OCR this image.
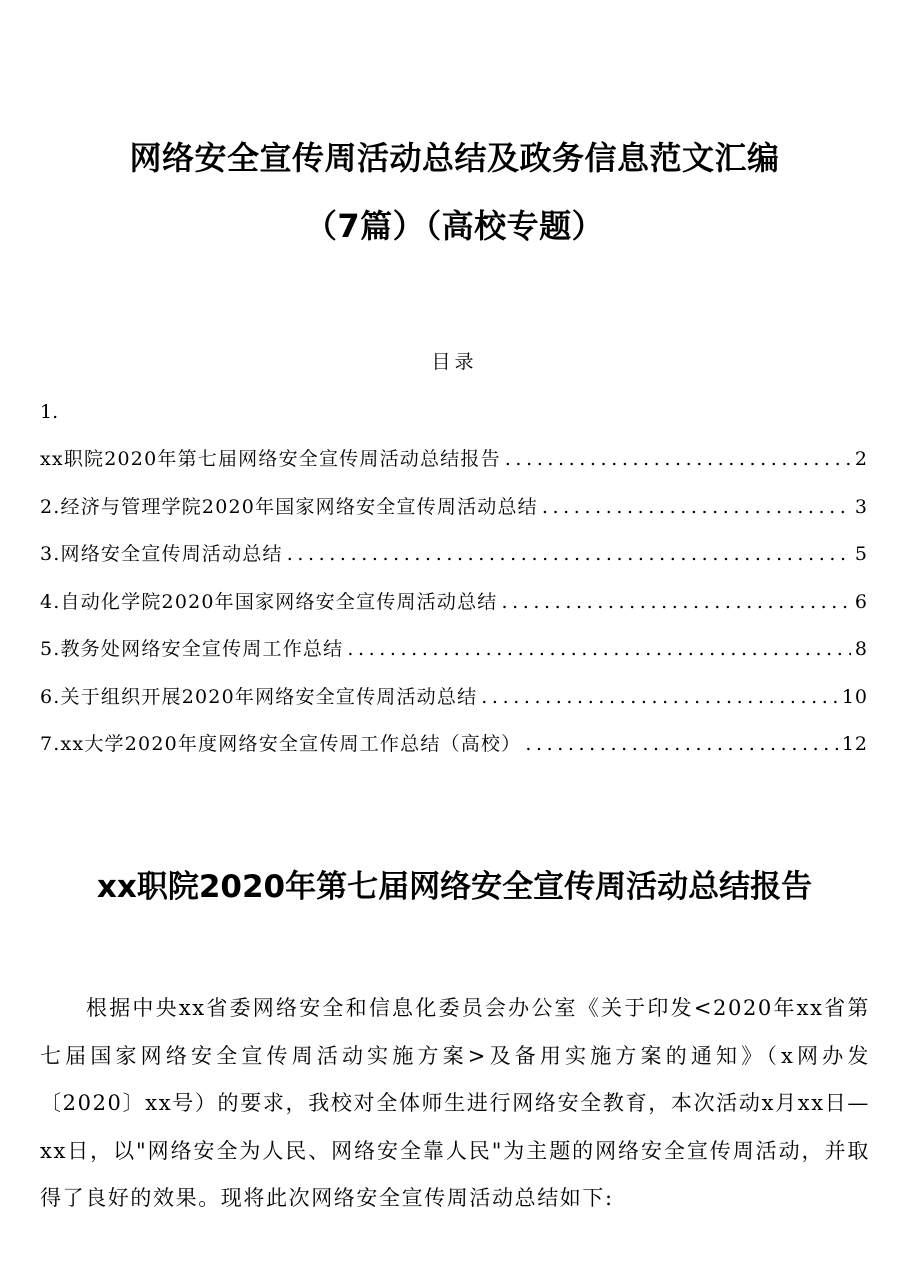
网络安全宣传周活动总结及政务信息范文汇编
（7篇）（高校专题）
目录
1.
xx职院2020年第七届网络安全宣传周活动总结报告 .....	2
2.经济与管理学院2020年国家网络安全宣传周活动总结 .....	3
3.网络安全宣传周活动总结 .....	5
4.自动化学院2020年国家网络安全宣传周活动总结 .....	6
5.教务处网络安全宣传周工作总结 .....	8
6.关于组织开展2020年网络安全宣传周活动总结 .....	10
7.xx大学2020年度网络安全宣传周工作总结（高校） .....	12
xx职院2020年第七届网络安全宣传周活动总结报告

根据中央xx省委网络安全和信息化委员会办公室《关于印发<2020年xx省第七届国家网络安全宣传周活动实施方案>及备用实施方案的通知》（x网办发〔2020〕xx号）的要求，我校对全体师生进行网络安全教育，本次活动x月xx日—xx日，以"网络安全为人民、网络安全靠人民"为主题的网络安全宣传周活动，并取得了良好的效果。现将此次网络安全宣传周活动总结如下:
